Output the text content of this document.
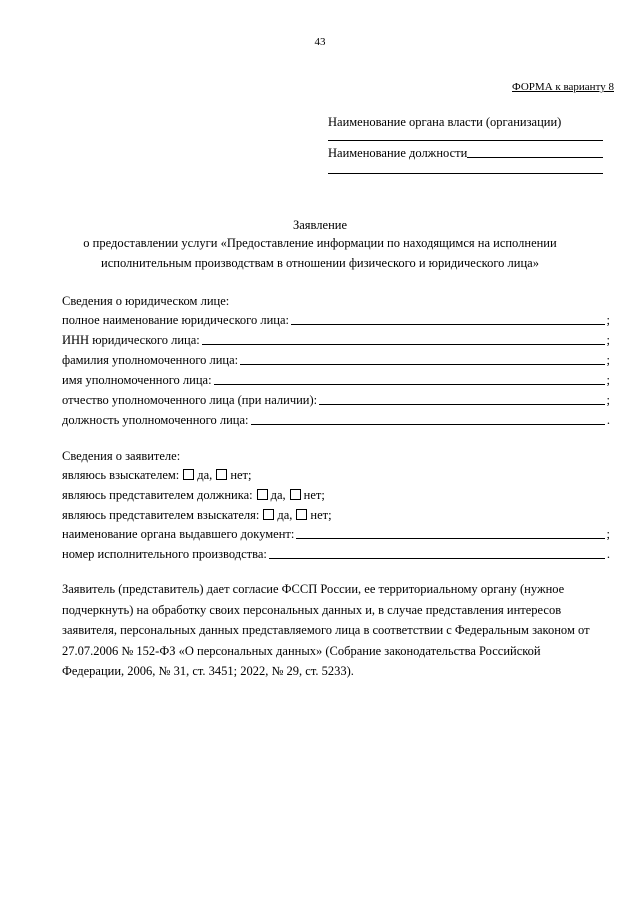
43
ФОРМА к варианту 8
Наименование органа власти (организации)
Наименование должности
Заявление
о предоставлении услуги «Предоставление информации по находящимся на исполнении
исполнительным производствам в отношении физического и юридического лица»
Сведения о юридическом лице:
полное наименование юридического лица:	;
ИНН юридического лица:	;
фамилия уполномоченного лица:	;
имя уполномоченного лица:	;
отчество уполномоченного лица (при наличии):	;
должность уполномоченного лица:	.
Сведения о заявителе:
являюсь взыскателем: да, нет;
являюсь представителем должника: да, нет;
являюсь представителем взыскателя: да, нет;
наименование органа выдавшего документ:	;
номер исполнительного производства:	.
Заявитель (представитель) дает согласие ФССП России, ее территориальному органу (нужное
подчеркнуть) на обработку своих персональных данных и, в случае представления интересов
заявителя, персональных данных представляемого лица в соответствии с Федеральным законом от
27.07.2006 № 152-ФЗ «О персональных данных» (Собрание законодательства Российской
Федерации, 2006, № 31, ст. 3451; 2022, № 29, ст. 5233).
